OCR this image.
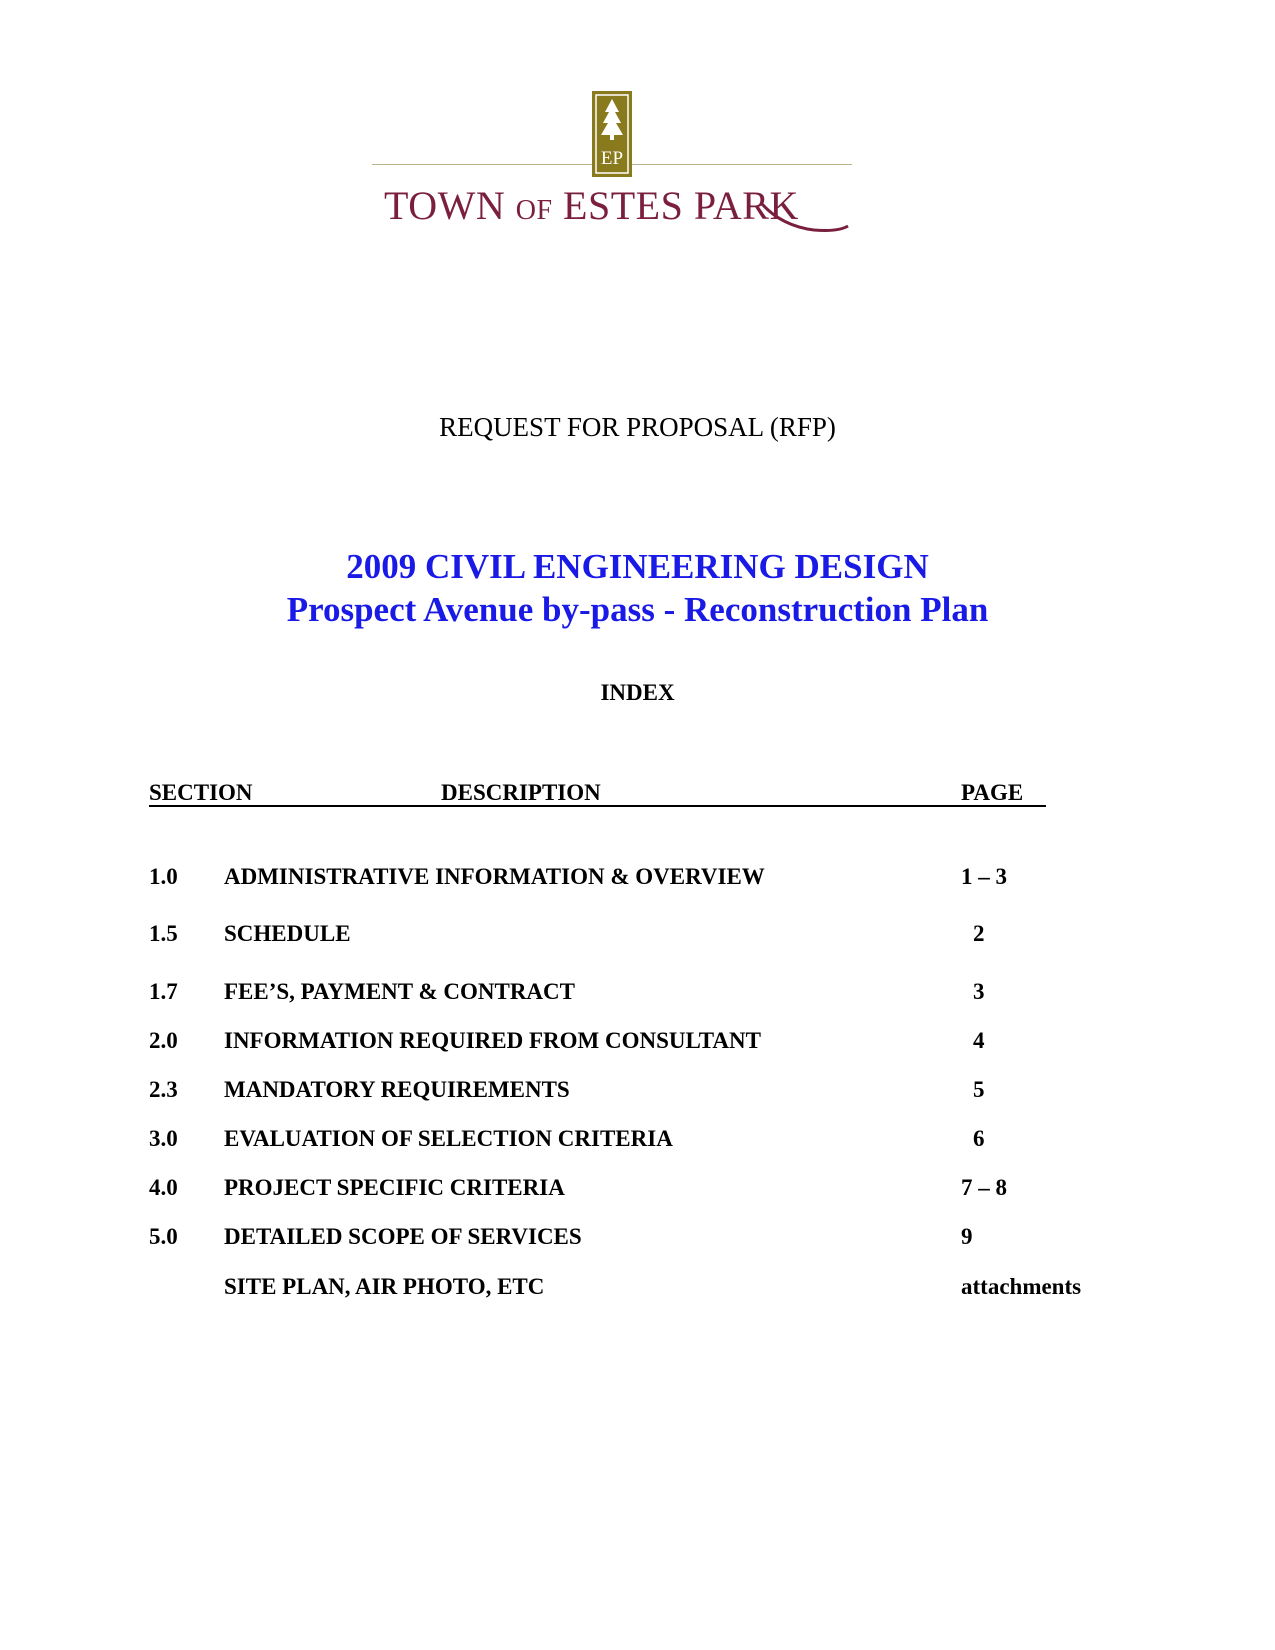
EP
TOWN OF ESTES PARK
REQUEST FOR PROPOSAL (RFP)
2009 CIVIL ENGINEERING DESIGN
Prospect Avenue by-pass - Reconstruction Plan
INDEX
SECTION	DESCRIPTION	PAGE
1.0 ADMINISTRATIVE INFORMATION & OVERVIEW	1 – 3
1.5 SCHEDULE	2
1.7 FEE’S, PAYMENT & CONTRACT	3
2.0 INFORMATION REQUIRED FROM CONSULTANT	4
2.3 MANDATORY REQUIREMENTS	5
3.0 EVALUATION OF SELECTION CRITERIA	6
4.0 PROJECT SPECIFIC CRITERIA	7 – 8
5.0 DETAILED SCOPE OF SERVICES	9
SITE PLAN, AIR PHOTO, ETC	attachments
